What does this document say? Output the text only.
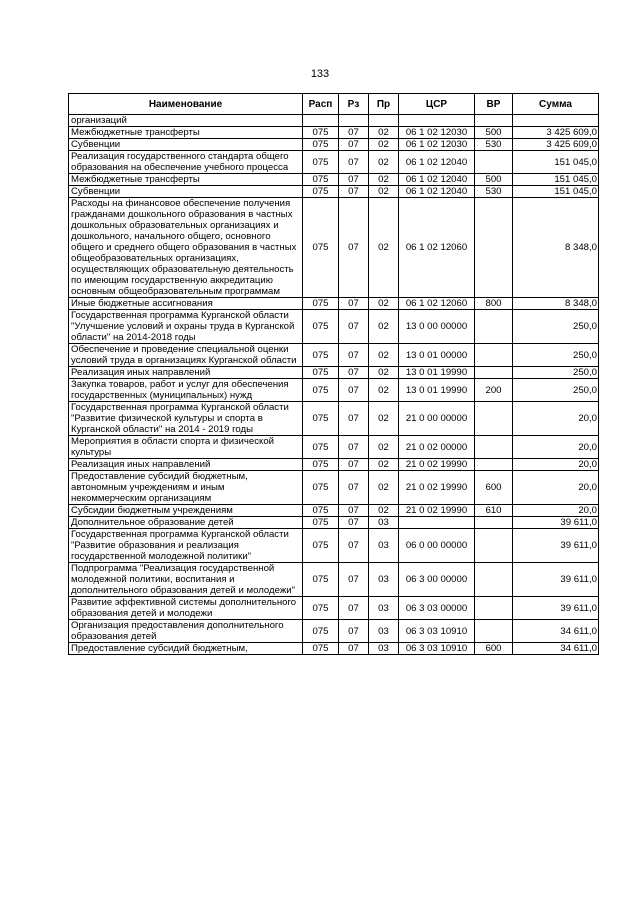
133
Наименование	Расп	Рз	Пр	ЦСР	ВР	Сумма
организаций						
Межбюджетные трансферты	075	07	02	06 1 02 12030	500	3 425 609,0
Субвенции	075	07	02	06 1 02 12030	530	3 425 609,0
Реализация государственного стандарта общего образования на обеспечение учебного процесса	075	07	02	06 1 02 12040		151 045,0
Межбюджетные трансферты	075	07	02	06 1 02 12040	500	151 045,0
Субвенции	075	07	02	06 1 02 12040	530	151 045,0
Расходы на финансовое обеспечение получения гражданами дошкольного образования в частных дошкольных образовательных организациях и дошкольного, начального общего, основного общего и среднего общего образования в частных общеобразовательных организациях, осуществляющих образовательную деятельность по имеющим государственную аккредитацию основным общеобразовательным программам	075	07	02	06 1 02 12060		8 348,0
Иные бюджетные ассигнования	075	07	02	06 1 02 12060	800	8 348,0
Государственная программа Курганской области "Улучшение условий и охраны труда в Курганской области" на 2014-2018 годы	075	07	02	13 0 00 00000		250,0
Обеспечение и проведение специальной оценки условий труда в организациях Курганской области	075	07	02	13 0 01 00000		250,0
Реализация иных направлений	075	07	02	13 0 01 19990		250,0
Закупка товаров, работ и услуг для обеспечения государственных (муниципальных) нужд	075	07	02	13 0 01 19990	200	250,0
Государственная программа Курганской области "Развитие физической культуры и спорта в Курганской области" на 2014 - 2019 годы	075	07	02	21 0 00 00000		20,0
Мероприятия в области спорта и физической культуры	075	07	02	21 0 02 00000		20,0
Реализация иных направлений	075	07	02	21 0 02 19990		20,0
Предоставление субсидий бюджетным, автономным учреждениям и иным некоммерческим организациям	075	07	02	21 0 02 19990	600	20,0
Субсидии бюджетным учреждениям	075	07	02	21 0 02 19990	610	20,0
Дополнительное образование детей	075	07	03			39 611,0
Государственная программа Курганской области "Развитие образования и реализация государственной молодежной политики"	075	07	03	06 0 00 00000		39 611,0
Подпрограмма "Реализация государственной молодежной политики, воспитания и дополнительного образования детей и молодежи"	075	07	03	06 3 00 00000		39 611,0
Развитие эффективной системы дополнительного образования детей и молодежи	075	07	03	06 3 03 00000		39 611,0
Организация предоставления дополнительного образования детей	075	07	03	06 3 03 10910		34 611,0
Предоставление субсидий бюджетным,	075	07	03	06 3 03 10910	600	34 611,0
